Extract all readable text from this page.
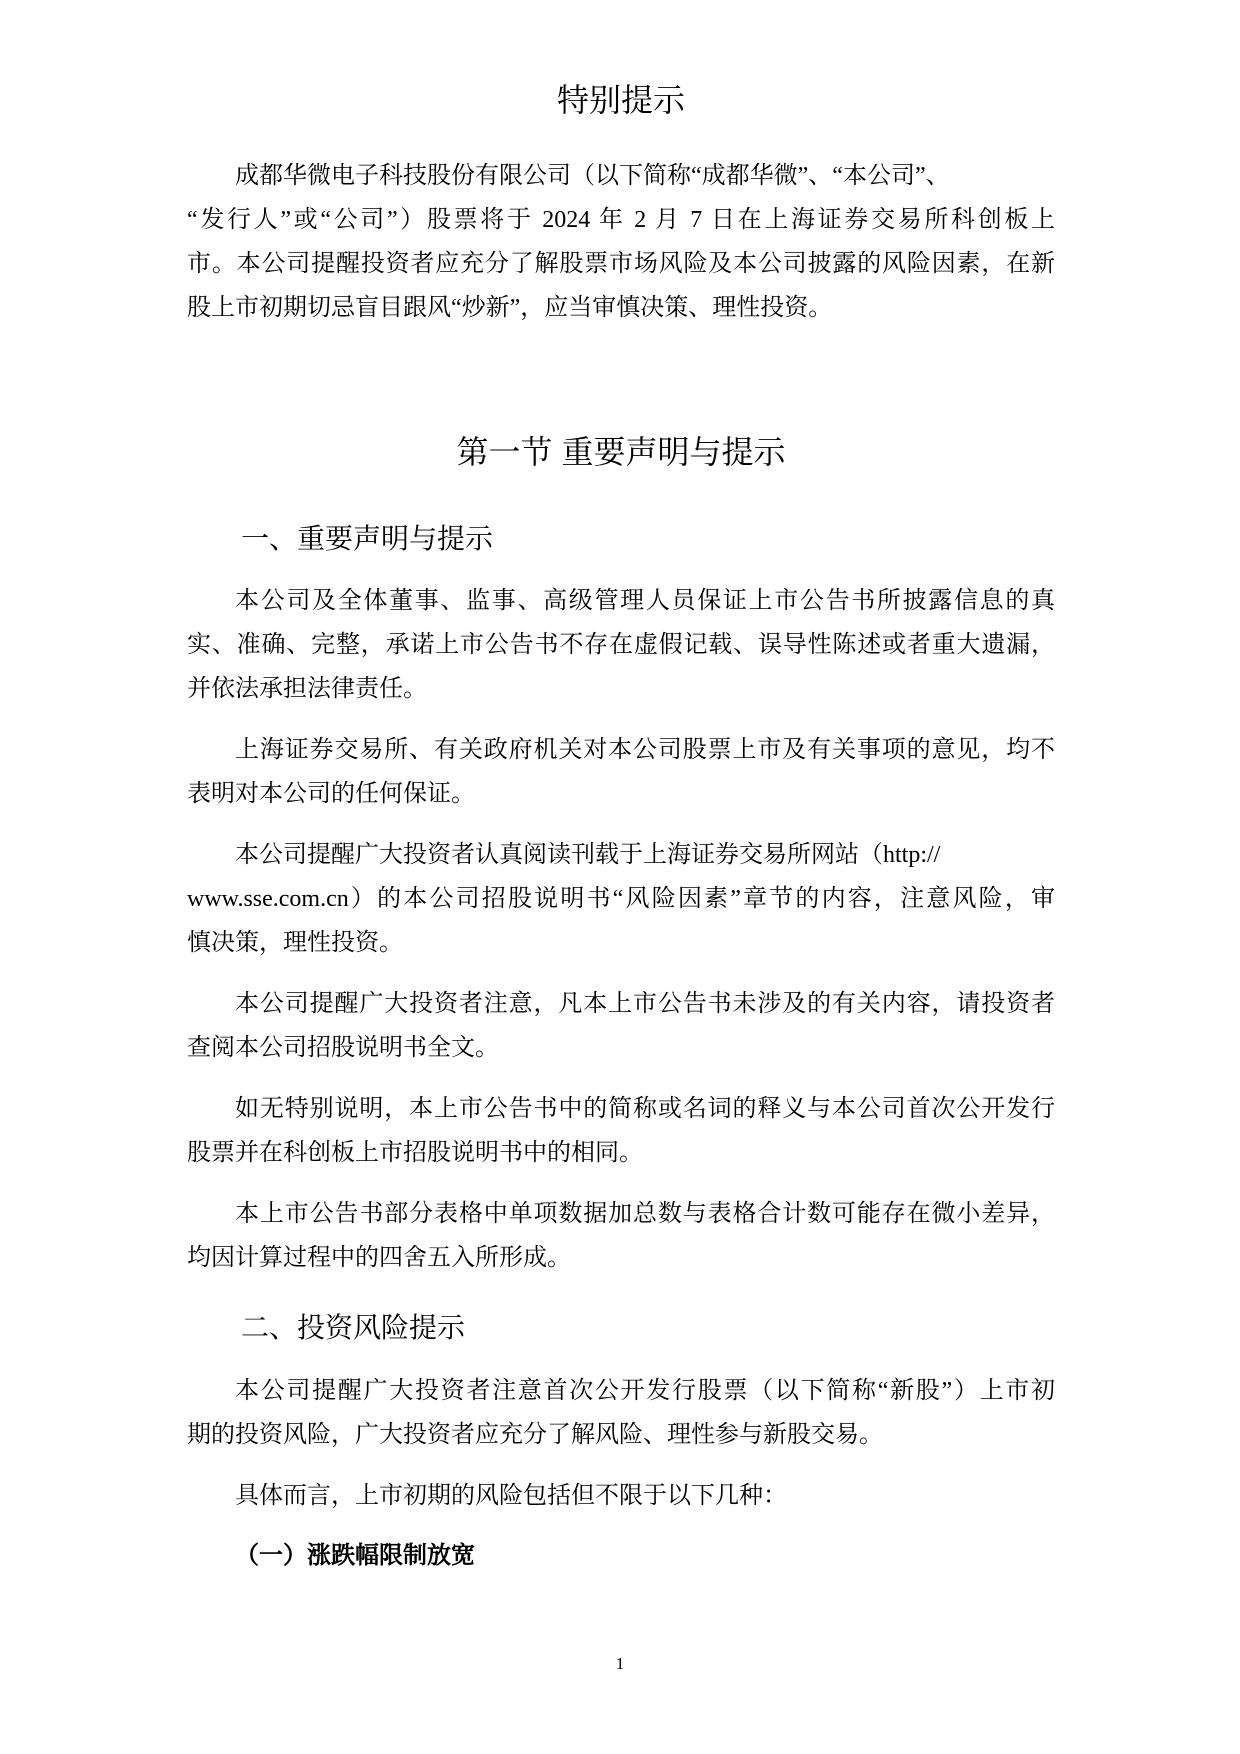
特别提示
成都华微电子科技股份有限公司（以下简称“成都华微”、“本公司”、
“发行人”或“公司”）股票将于 2024 年 2 月 7 日在上海证券交易所科创板上
市。本公司提醒投资者应充分了解股票市场风险及本公司披露的风险因素，在新
股上市初期切忌盲目跟风“炒新”，应当审慎决策、理性投资。
第一节 重要声明与提示
一、重要声明与提示
本公司及全体董事、监事、高级管理人员保证上市公告书所披露信息的真
实、准确、完整，承诺上市公告书不存在虚假记载、误导性陈述或者重大遗漏，
并依法承担法律责任。
上海证券交易所、有关政府机关对本公司股票上市及有关事项的意见，均不
表明对本公司的任何保证。
本公司提醒广大投资者认真阅读刊载于上海证券交易所网站（http://
www.sse.com.cn）的本公司招股说明书“风险因素”章节的内容，注意风险，审
慎决策，理性投资。
本公司提醒广大投资者注意，凡本上市公告书未涉及的有关内容，请投资者
查阅本公司招股说明书全文。
如无特别说明，本上市公告书中的简称或名词的释义与本公司首次公开发行
股票并在科创板上市招股说明书中的相同。
本上市公告书部分表格中单项数据加总数与表格合计数可能存在微小差异，
均因计算过程中的四舍五入所形成。
二、投资风险提示
本公司提醒广大投资者注意首次公开发行股票（以下简称“新股”）上市初
期的投资风险，广大投资者应充分了解风险、理性参与新股交易。
具体而言，上市初期的风险包括但不限于以下几种：
（一）涨跌幅限制放宽
1
